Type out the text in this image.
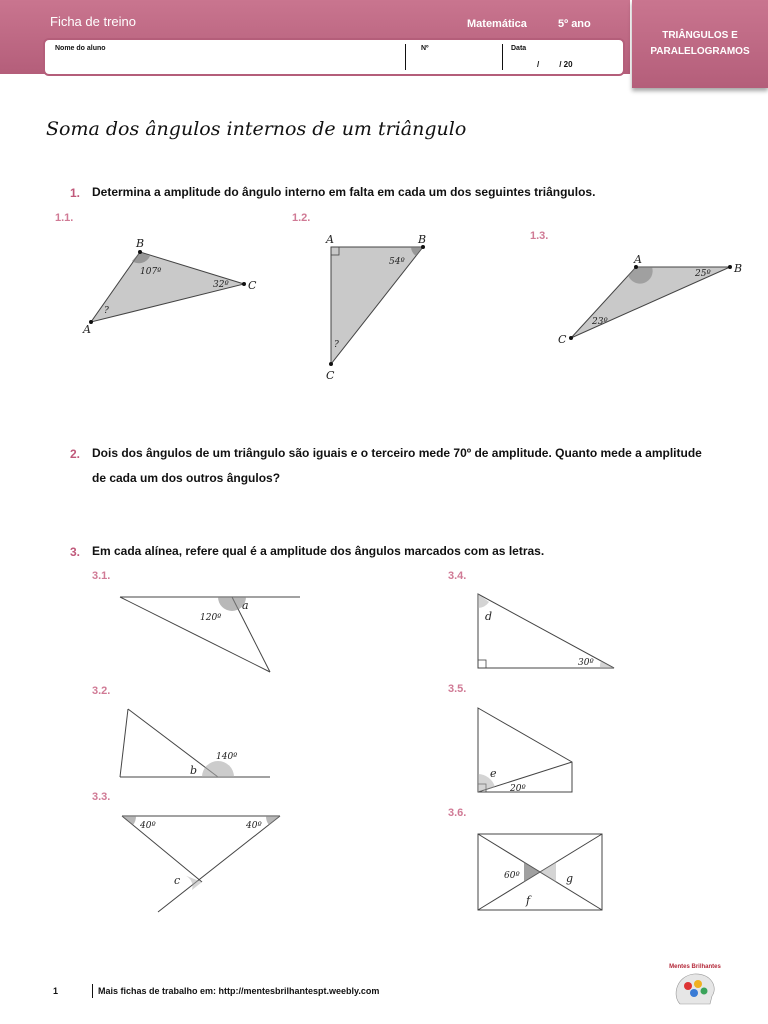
Ficha de treino	Matemática	5º ano
Nome do aluno	Nº	Data
/         / 20
TRIÂNGULOS E
PARALELOGRAMOS
Soma dos ângulos internos de um triângulo
1. Determina a amplitude do ângulo interno em falta em cada um dos seguintes triângulos.
1.1.
B
C
A
107º
32º
?
1.2.
A	B
C
54º
?
1.3.
A
B
C
25º
23º
2. Dois dos ângulos de um triângulo são iguais e o terceiro mede 70º de amplitude. Quanto mede a amplitude
de cada um dos outros ângulos?
3. Em cada alínea, refere qual é a amplitude dos ângulos marcados com as letras.
3.1.
120º
a
3.2.
140º
b
3.3.
40º	40º
c
3.4.
d
30º
3.5.
e
20º
3.6.
60º	g
f
1	Mais fichas de trabalho em: http://mentesbrilhantespt.weebly.com
Mentes Brilhantes
